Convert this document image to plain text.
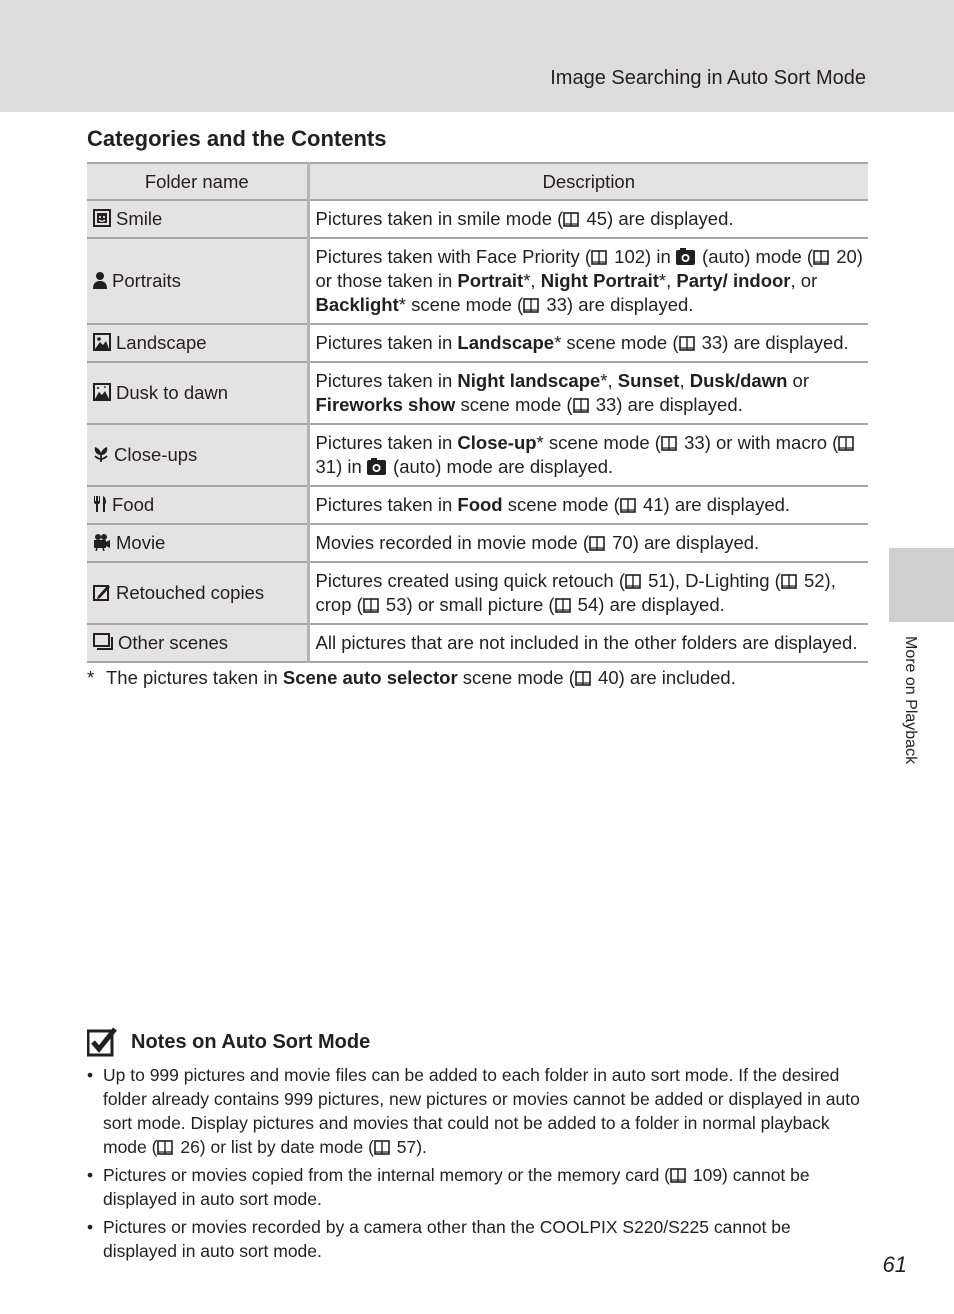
Image Searching in Auto Sort Mode
Categories and the Contents
Folder name	Description
Smile	Pictures taken in smile mode ( 45) are displayed.
Portraits	Pictures taken with Face Priority ( 102) in  (auto) mode ( 20) or those taken in Portrait*, Night Portrait*, Party/ indoor, or Backlight* scene mode ( 33) are displayed.
Landscape	Pictures taken in Landscape* scene mode ( 33) are displayed.
Dusk to dawn	Pictures taken in Night landscape*, Sunset, Dusk/dawn or Fireworks show scene mode ( 33) are displayed.
Close-ups	Pictures taken in Close-up* scene mode ( 33) or with macro ( 31) in  (auto) mode are displayed.
Food	Pictures taken in Food scene mode ( 41) are displayed.
Movie	Movies recorded in movie mode ( 70) are displayed.
Retouched copies	Pictures created using quick retouch ( 51), D-Lighting ( 52), crop ( 53) or small picture ( 54) are displayed.
Other scenes	All pictures that are not included in the other folders are displayed.
* The pictures taken in Scene auto selector scene mode ( 40) are included.
Notes on Auto Sort Mode
• Up to 999 pictures and movie files can be added to each folder in auto sort mode. If the desired folder already contains 999 pictures, new pictures or movies cannot be added or displayed in auto sort mode. Display pictures and movies that could not be added to a folder in normal playback mode ( 26) or list by date mode ( 57).
• Pictures or movies copied from the internal memory or the memory card ( 109) cannot be displayed in auto sort mode.
• Pictures or movies recorded by a camera other than the COOLPIX S220/S225 cannot be displayed in auto sort mode.
More on Playback
61
